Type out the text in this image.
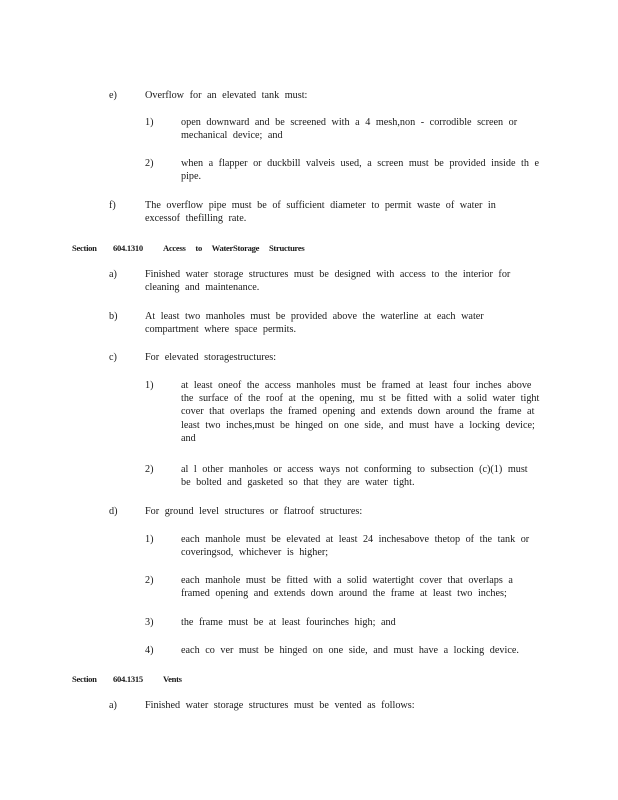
e)	Overflow for an elevated tank must:
1)	open downward and be screened with a 4 mesh,non - corrodible screen or mechanical device; and
2)	when a flapper or duckbill valveis used, a screen must be provided inside th e pipe.
f)	The overflow pipe must be of sufficient diameter to permit waste of water in excessof thefilling rate.
Section 604.1310 Access to WaterStorage Structures
a)	Finished water storage structures must be designed with access to the interior for cleaning and maintenance.
b)	At least two manholes must be provided above the waterline at each water compartment where space permits.
c)	For elevated storagestructures:
1)	at least oneof the access manholes must be framed at least four inches above the surface of the roof at the opening, mu st be fitted with a solid water tight cover that overlaps the framed opening and extends down around the frame at least two inches,must be hinged on one side, and must have a locking device; and
2)	al l other manholes or access ways not conforming to subsection (c)(1) must be bolted and gasketed so that they are water tight.
d)	For ground level structures or flatroof structures:
1)	each manhole must be elevated at least 24 inchesabove thetop of the tank or coveringsod, whichever is higher;
2)	each manhole must be fitted with a solid watertight cover that overlaps a framed opening and extends down around the frame at least two inches;
3)	the frame must be at least fourinches high; and
4)	each co ver must be hinged on one side, and must have a locking device.
Section 604.1315 Vents
a)	Finished water storage structures must be vented as follows:
